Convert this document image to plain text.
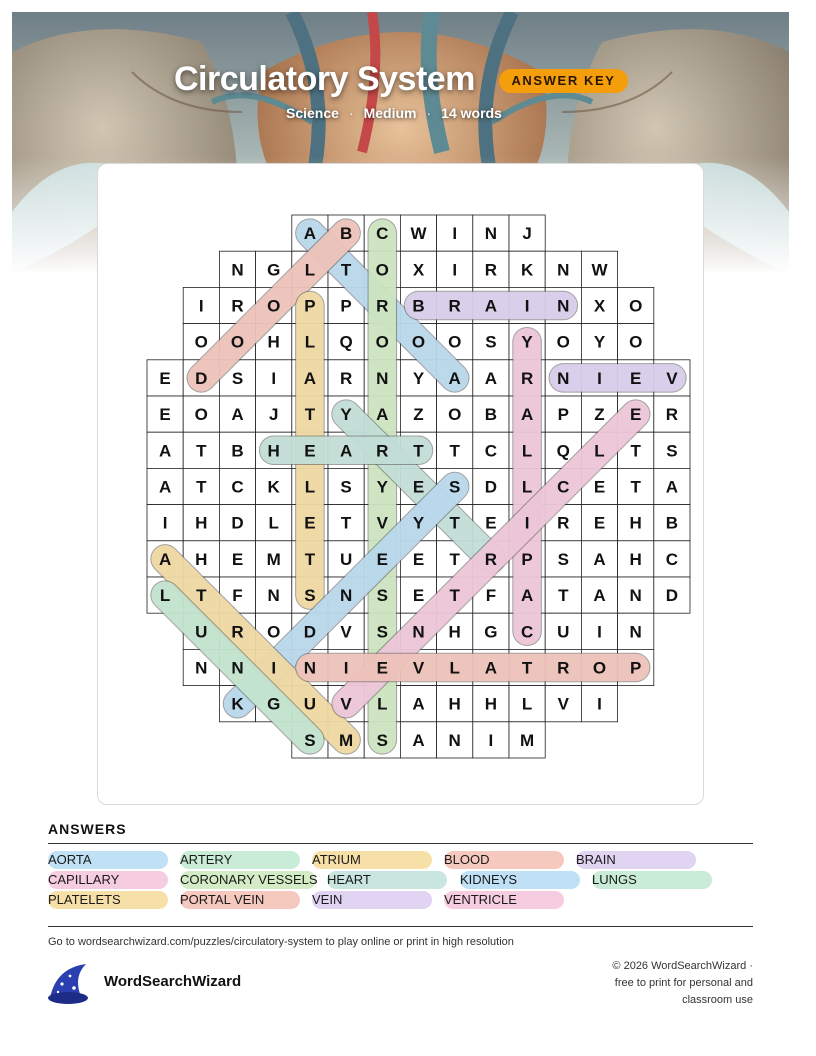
Circulatory System	ANSWER KEY
Science · Medium · 14 words
A B C W I N J
N G L T O X I R K N W
I R O P P R B R A I N X O
O O H L Q O O O S Y O Y O
E D S I A R N Y A A R N I E V
E O A J T Y A Z O B A P Z E R
A T B H E A R T T C L Q L T S
A T C K L S Y E S D L C E T A
I H D L E T V Y T E I R E H B
A H E M T U E E T R P S A H C
L T F N S N S E T F A T A N D
U R O D V S N H G C U I N
N N I N I E V L A T R O P
K G U V L A H H L V I
S M S A N I M
ANSWERS
AORTA	ARTERY	ATRIUM	BLOOD	BRAIN
CAPILLARY	CORONARY VESSELS HEART	KIDNEYS	LUNGS
PLATELETS	PORTAL VEIN	VEIN	VENTRICLE
Go to wordsearchwizard.com/puzzles/circulatory-system to play online or print in high resolution
WordSearchWizard
© 2026 WordSearchWizard ·
free to print for personal and
classroom use
